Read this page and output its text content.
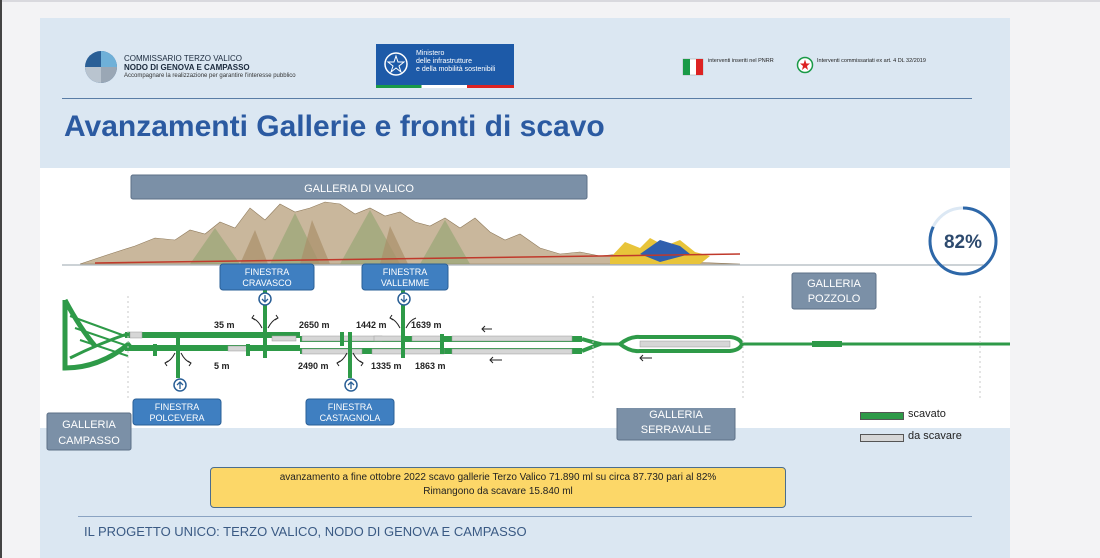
COMMISSARIO TERZO VALICO
NODO DI GENOVA E CAMPASSO
Accompagnare la realizzazione per garantire l'interesse pubblico
Ministero
delle infrastrutture
e della mobilità sostenibili
interventi inseriti nel PNRR	Interventi commissariati ex art. 4 DL 32/2019
Avanzamenti Gallerie e fronti di scavo
GALLERIA DI VALICO
82%
FINESTRA
CRAVASCO
FINESTRA
VALLEMME
FINESTRA
POLCEVERA
FINESTRA
CASTAGNOLA
GALLERIA
POZZOLO
35 m	2650 m	1442 m	1639 m
5 m	2490 m	1335 m 1863 m
GALLERIA
CAMPASSO
GALLERIA
SERRAVALLE
scavato
da scavare
avanzamento a fine ottobre 2022 scavo gallerie Terzo Valico 71.890 ml su circa 87.730 pari al 82%
Rimangono da scavare 15.840 ml
IL PROGETTO UNICO: TERZO VALICO, NODO DI GENOVA E CAMPASSO
